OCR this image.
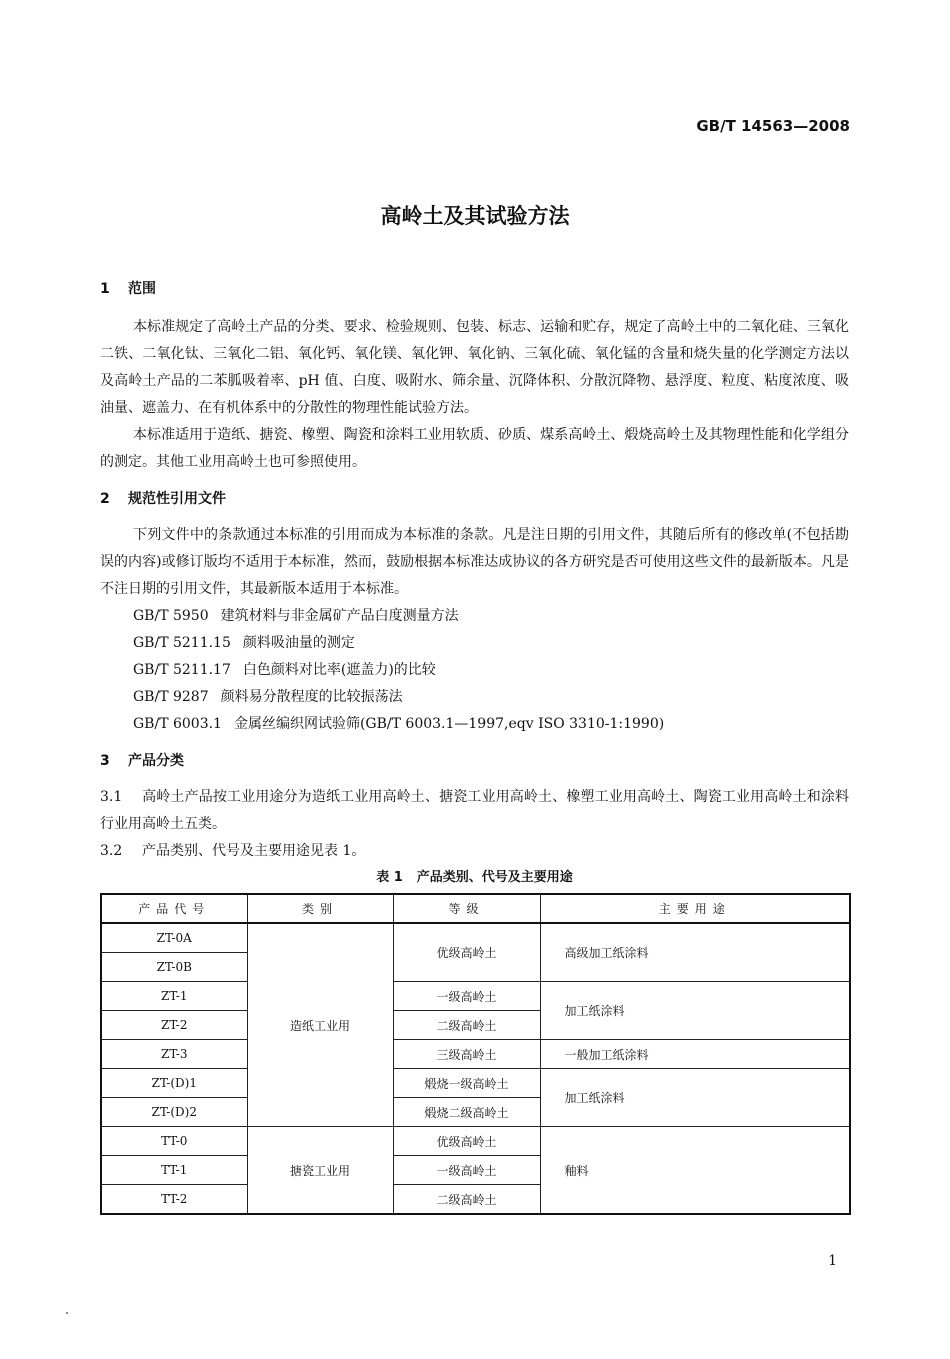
GB/T 14563—2008
高岭土及其试验方法

1 范围

本标准规定了高岭土产品的分类、要求、检验规则、包装、标志、运输和贮存，规定了高岭土中的二氧化硅、三氧化二铁、二氧化钛、三氧化二铝、氧化钙、氧化镁、氧化钾、氧化钠、三氧化硫、氧化锰的含量和烧失量的化学测定方法以及高岭土产品的二苯胍吸着率、pH 值、白度、吸附水、筛余量、沉降体积、分散沉降物、悬浮度、粒度、粘度浓度、吸油量、遮盖力、在有机体系中的分散性的物理性能试验方法。

本标准适用于造纸、搪瓷、橡塑、陶瓷和涂料工业用软质、砂质、煤系高岭土、煅烧高岭土及其物理性能和化学组分的测定。其他工业用高岭土也可参照使用。

2 规范性引用文件

下列文件中的条款通过本标准的引用而成为本标准的条款。凡是注日期的引用文件，其随后所有的修改单(不包括勘误的内容)或修订版均不适用于本标准，然而，鼓励根据本标准达成协议的各方研究是否可使用这些文件的最新版本。凡是不注日期的引用文件，其最新版本适用于本标准。

GB/T 5950 建筑材料与非金属矿产品白度测量方法

GB/T 5211.15 颜料吸油量的测定

GB/T 5211.17 白色颜料对比率(遮盖力)的比较

GB/T 9287 颜料易分散程度的比较振荡法

GB/T 6003.1 金属丝编织网试验筛(GB/T 6003.1—1997,eqv ISO 3310-1:1990)

3 产品分类

3.1 高岭土产品按工业用途分为造纸工业用高岭土、搪瓷工业用高岭土、橡塑工业用高岭土、陶瓷工业用高岭土和涂料行业用高岭土五类。

3.2 产品类别、代号及主要用途见表 1。

表 1 产品类别、代号及主要用途
产品代号	类别	等级	主要用途
ZT-0A	造纸工业用	优级高岭土	高级加工纸涂料
ZT-0B			
ZT-1		一级高岭土	加工纸涂料
ZT-2		二级高岭土	
ZT-3		三级高岭土	一般加工纸涂料
ZT-(D)1		煅烧一级高岭土	加工纸涂料
ZT-(D)2		煅烧二级高岭土	
TT-0	搪瓷工业用	优级高岭土	釉料
TT-1		一级高岭土	
TT-2		二级高岭土	
1
